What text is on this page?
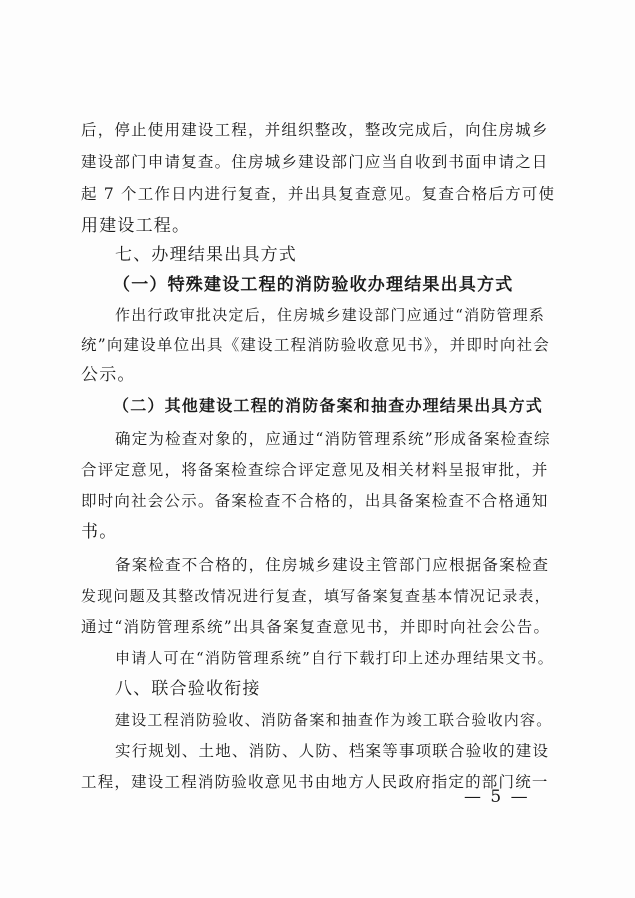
后，停止使用建设工程，并组织整改，整改完成后，向住房城乡
建设部门申请复查。住房城乡建设部门应当自收到书面申请之日
起 7 个工作日内进行复查，并出具复查意见。复查合格后方可使
用建设工程。
七、办理结果出具方式
（一）特殊建设工程的消防验收办理结果出具方式
作出行政审批决定后，住房城乡建设部门应通过“消防管理系
统”向建设单位出具《建设工程消防验收意见书》，并即时向社会
公示。
（二）其他建设工程的消防备案和抽查办理结果出具方式
确定为检查对象的，应通过“消防管理系统”形成备案检查综
合评定意见，将备案检查综合评定意见及相关材料呈报审批，并
即时向社会公示。备案检查不合格的，出具备案检查不合格通知
书。
备案检查不合格的，住房城乡建设主管部门应根据备案检查
发现问题及其整改情况进行复查，填写备案复查基本情况记录表，
通过“消防管理系统”出具备案复查意见书，并即时向社会公告。
申请人可在“消防管理系统”自行下载打印上述办理结果文书。
八、联合验收衔接
建设工程消防验收、消防备案和抽查作为竣工联合验收内容。
实行规划、土地、消防、人防、档案等事项联合验收的建设
工程，建设工程消防验收意见书由地方人民政府指定的部门统一
— 5 —
